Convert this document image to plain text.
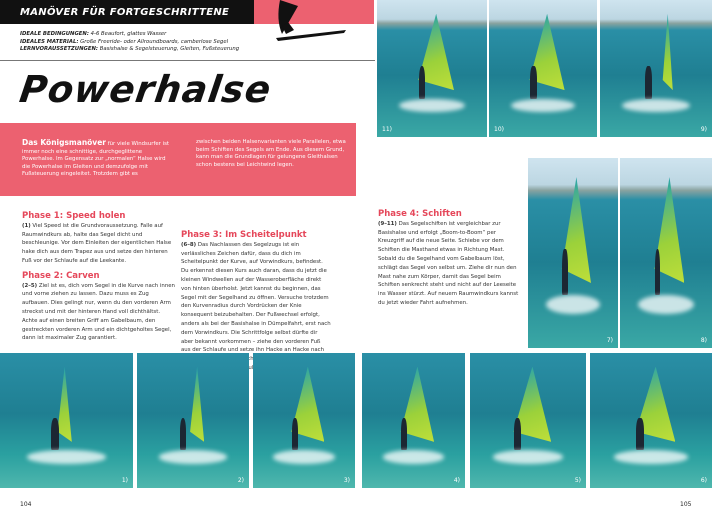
MANÖVER FÜR FORTGESCHRITTENE
IDEALE BEDINGUNGEN: 4-6 Beaufort, glattes Wasser
IDEALES MATERIAL: Große Freeride- oder Allroundboards, camberlose Segel
LERNVORAUSSETZUNGEN: Basishalse & Segelsteuerung, Gleiten, Fußsteuerung
Powerhalse
Das Königsmanöver für viele Windsurfer ist immer noch eine schnittige, durchgeglittene Powerhalse. Im Gegensatz zur „normalen“ Halse wird die Powerhalse im Gleiten und demzufolge mit Fußsteuerung eingeleitet. Trotzdem gibt es
zwischen beiden Halsenvarianten viele Parallelen, etwa beim Schiften des Segels am Ende. Aus diesem Grund, kann man die Grundlagen für gelungene Gleithalsen schon bestens bei Leichtwind legen.
Phase 1: Speed holen

(1) Viel Speed ist die Grundvoraussetzung. Falle auf Raumwindkurs ab, halte das Segel dicht und beschleunige. Vor dem Einleiten der eigentlichen Halse hake dich aus dem Trapez aus und setze den hinteren Fuß vor der Schlaufe auf die Leekante.

Phase 2: Carven

(2–5) Ziel ist es, dich vom Segel in die Kurve nach innen und vorne ziehen zu lassen. Dazu muss es Zug aufbauen. Dies gelingt nur, wenn du den vorderen Arm streckst und mit der hinteren Hand voll dichthältst. Achte auf einen breiten Griff am Gabelbaum, den gestreckten vorderen Arm und ein dichtgeholtes Segel, dann ist maximaler Zug garantiert.

Phase 3: Im Scheitelpunkt

(6–8) Das Nachlassen des Segelzugs ist ein verlässliches Zeichen dafür, dass du dich im Scheitelpunkt der Kurve, auf Vorwindkurs, befindest. Du erkennst diesen Kurs auch daran, dass du jetzt die kleinen Windwellen auf der Wasseroberfläche direkt von hinten überholst. Jetzt kannst du beginnen, das Segel mit der Segelhand zu öffnen. Versuche trotzdem den Kurvenradius durch Vordrücken der Knie konsequent beizubehalten. Der Fußwechsel erfolgt, anders als bei der Basishalse in Dümpelfahrt, erst nach dem Vorwindkurs. Die Schrittfolge selbst dürfte dir aber bekannt vorkommen – ziehe den vorderen Fuß aus der Schlaufe und setze ihn Hacke an Hacke nach wechselt

Phase 4: Schiften

(9–11) Das Segelschiften ist vergleichbar zur Basishalse und erfolgt „Boom-to-Boom“ per Kreuzgriff auf die neue Seite. Schiebe vor dem Schiften die Masthand etwas in Richtung Mast. Sobald du die Segelhand vom Gabelbaum löst, schlägt das Segel von selbst um. Ziehe dir nun den Mast nahe zum Körper, damit das Segel beim Schiften senkrecht steht und nicht auf der Leeseite ins Wasser stürzt. Auf neuem Raumwindkurs kannst du jetzt wieder Fahrt aufnehmen.

11)	10)	9)
7)	8)
1)	2)	3)	4)	5)	6)
104	105
